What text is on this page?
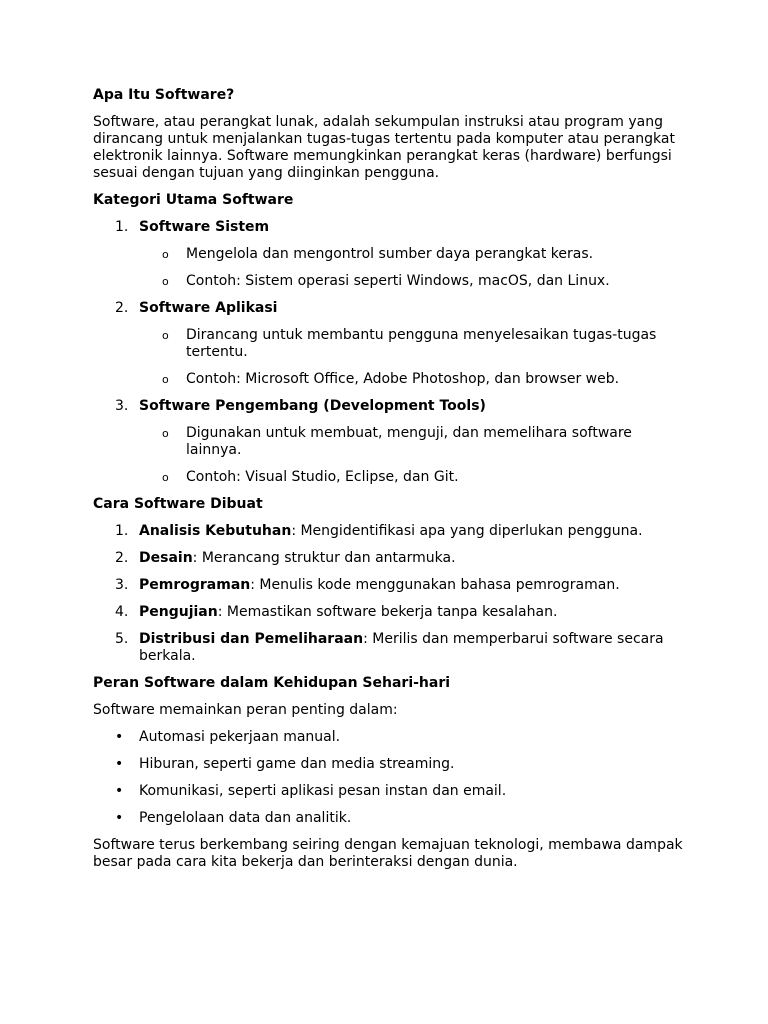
Apa Itu Software?

Software, atau perangkat lunak, adalah sekumpulan instruksi atau program yang dirancang untuk menjalankan tugas-tugas tertentu pada komputer atau perangkat elektronik lainnya. Software memungkinkan perangkat keras (hardware) berfungsi sesuai dengan tujuan yang diinginkan pengguna.

Kategori Utama Software
1. Software Sistem
o Mengelola dan mengontrol sumber daya perangkat keras.
o Contoh: Sistem operasi seperti Windows, macOS, dan Linux.
2. Software Aplikasi
o Dirancang untuk membantu pengguna menyelesaikan tugas-tugas tertentu.
o Contoh: Microsoft Office, Adobe Photoshop, dan browser web.
3. Software Pengembang (Development Tools)
o Digunakan untuk membuat, menguji, dan memelihara software lainnya.
o Contoh: Visual Studio, Eclipse, dan Git.
Cara Software Dibuat
1. Analisis Kebutuhan: Mengidentifikasi apa yang diperlukan pengguna.
2. Desain: Merancang struktur dan antarmuka.
3. Pemrograman: Menulis kode menggunakan bahasa pemrograman.
4. Pengujian: Memastikan software bekerja tanpa kesalahan.
5. Distribusi dan Pemeliharaan: Merilis dan memperbarui software secara berkala.
Peran Software dalam Kehidupan Sehari-hari

Software memainkan peran penting dalam:

• Automasi pekerjaan manual.
• Hiburan, seperti game dan media streaming.
• Komunikasi, seperti aplikasi pesan instan dan email.
• Pengelolaan data dan analitik.

Software terus berkembang seiring dengan kemajuan teknologi, membawa dampak besar pada cara kita bekerja dan berinteraksi dengan dunia.
